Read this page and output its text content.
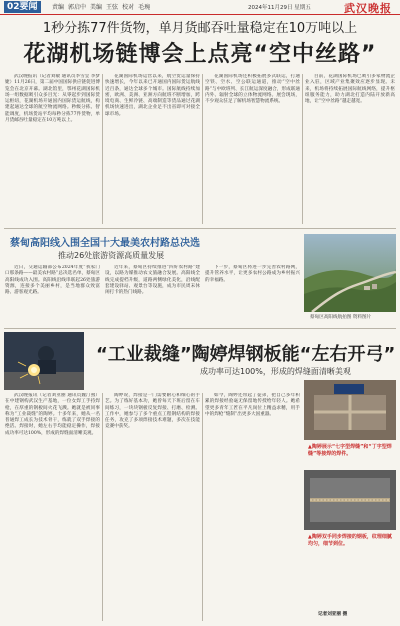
02要闻	责编 郭启中 美编 王弦 校对 毛琬	2024年11月29日 星期五	武汉晚报
1秒分拣77件货物，单月货邮吞吐量稳定在10万吨以上
花湖机场链博会上点亮“空中丝路”

武汉晚报讯（记者刘敏 通讯员李雪莹 李梦婕）11月26日，第二届中国国际供应链促进博览会在北京开幕。湖北馆里，鄂州花湖国际机场一组数据吸引众多目光：从零起步到国际货运枢纽，花湖机场开通国内国际货运航线，构建起通达全球的航空物流网络。秒级分拣、智能调度，机场货站平均每秒分拣77件货物，单月货邮吞吐量稳定在10万吨以上。

花湖国际机场运营以来，航空货运量保持快速增长，今年以来已开通国内国际货运航线近百条，通达全球多个城市。国际航线持续加密，欧洲、美洲、亚洲方向航班不断增加，跨境电商、生鲜冷链、高端制造等货品通过花湖机场快速进出，湖北企业足不出省即可对接全球市场。

花湖国际机场还积极拓展多式联运，打通空铁、空水、空公联运通道，推动“空中丝路”与中欧班列、长江航运深度融合，形成联通内外、辐射全球的立体物流网络。展会现场，不少观众驻足了解机场智慧物流系统。

目前，花湖国际机场已吸引多家物流企业入驻，区域产业集聚效应逐步显现。未来，机场将持续拓展国际航线网络，提升枢纽服务能力，助力湖北打造内陆开放新高地，让“空中丝路”越走越宽。

蔡甸高阳线入围全国十大最美农村路总决选
推动26处旅游资源高质量发展

近日，交通运输部公布2024年度“我家门口那条路——最美农村路”总决选名单，蔡甸区高阳线成功入围。高阳线沿线串联起26处旅游资源，连接多个美丽乡村，是当地群众致富路、游客观光路。

近年来，蔡甸区持续推进“四好农村路”建设，以路为媒推动农文旅融合发展。高阳线全线完成提档升级，道路两侧绿化美化，沿线配套建设驿站、观景台等设施，成为市民周末休闲打卡的热门线路。

下一步，蔡甸区将进一步完善农村路网，提升管养水平，让更多农村公路成为乡村振兴的幸福路。

蔡甸区高阳线航拍图 资料图片
“工业裁缝”陶婷焊钢板能“左右开弓”
成功率可达100%，形成的焊缝面清晰美观

武汉晚报讯（记者刘亚丽 通讯员魏汀燕）在中建钢构武汉生产基地，一位女焊工手持焊枪，在厚重的钢板间火花飞溅。她就是被同事称为“工业裁缝”的陶婷。十多年来，她从一名普通焊工成长为技术骨干，练就了双手焊接的绝活。焊接时，她左右手均能稳定操作，焊接成功率可达100%，形成的焊缝面清晰美观。

陶婷说，焊接是一门需要耐心和细心的手艺。为了练好基本功，她曾每天下班后留在车间练习，一块块钢板反复焊接、打磨、检测。工作中，她参与了多个重点工程钢结构的焊接任务，攻克了多项焊接技术难题，多次在技能竞赛中获奖。

如今，陶婷还带起了徒弟，把自己多年积累的焊接经验毫无保留地传授给年轻人。她希望更多青年工匠在平凡岗位上精益求精，用手中的焊枪“缝制”出更多大国重器。

▲陶婷展示“七字型焊缝”和“丁字型焊缝”等接焊的焊件。
▲陶婷双手同步焊接的钢板，纹理细腻均匀，细节到位。
记者刘亚丽 摄
